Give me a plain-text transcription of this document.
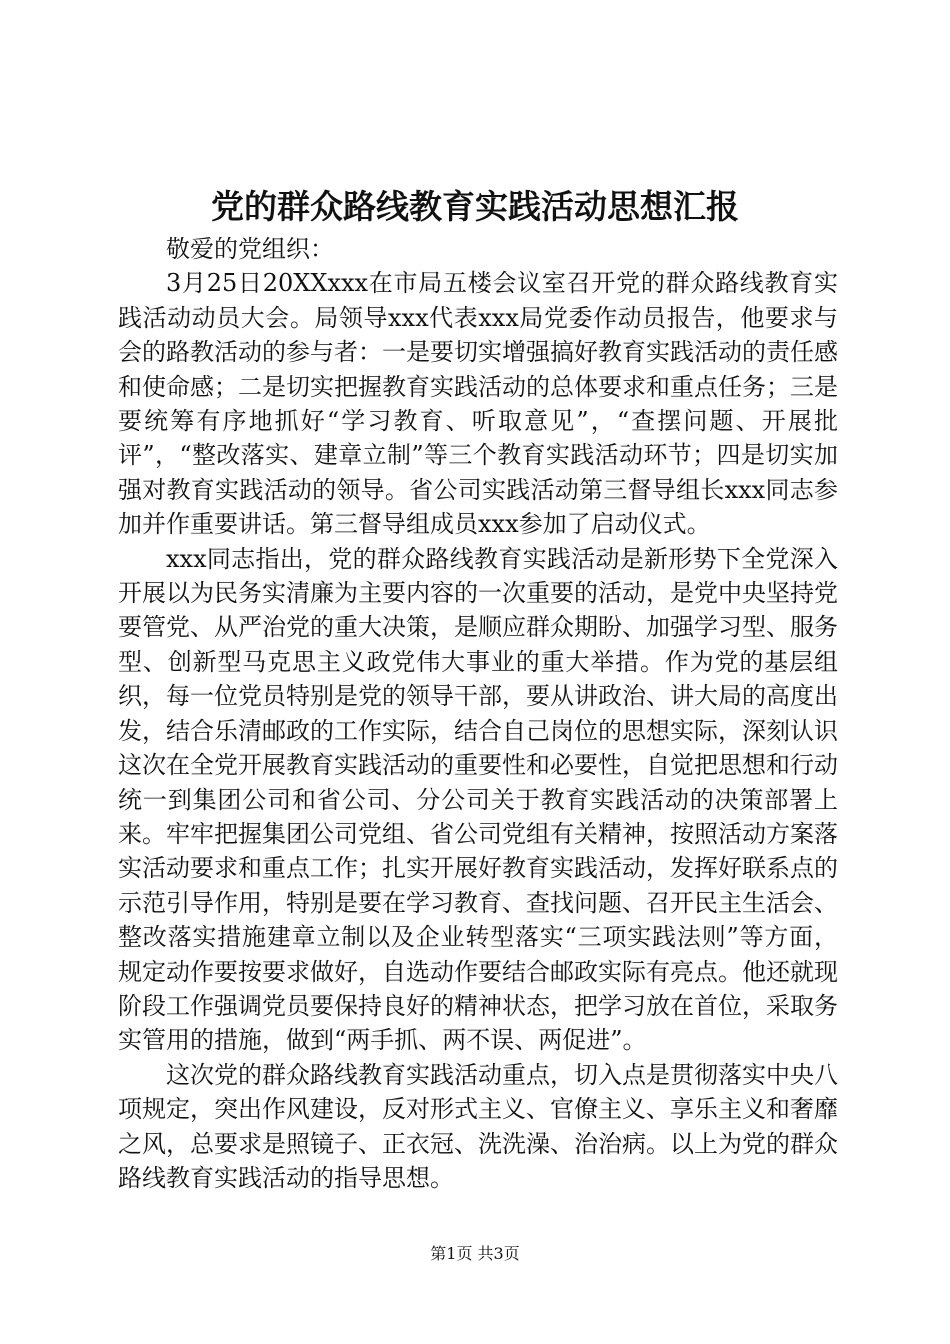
党的群众路线教育实践活动思想汇报

敬爱的党组织：

3月25日20XXxxx在市局五楼会议室召开党的群众路线教育实践活动动员大会。局领导xxx代表xxx局党委作动员报告，他要求与会的路教活动的参与者：一是要切实增强搞好教育实践活动的责任感和使命感；二是切实把握教育实践活动的总体要求和重点任务；三是要统筹有序地抓好“学习教育、听取意见”，“查摆问题、开展批评”，“整改落实、建章立制”等三个教育实践活动环节；四是切实加强对教育实践活动的领导。省公司实践活动第三督导组长xxx同志参加并作重要讲话。第三督导组成员xxx参加了启动仪式。

xxx同志指出，党的群众路线教育实践活动是新形势下全党深入开展以为民务实清廉为主要内容的一次重要的活动，是党中央坚持党要管党、从严治党的重大决策，是顺应群众期盼、加强学习型、服务型、创新型马克思主义政党伟大事业的重大举措。作为党的基层组织，每一位党员特别是党的领导干部，要从讲政治、讲大局的高度出发，结合乐清邮政的工作实际，结合自己岗位的思想实际，深刻认识这次在全党开展教育实践活动的重要性和必要性，自觉把思想和行动统一到集团公司和省公司、分公司关于教育实践活动的决策部署上来。牢牢把握集团公司党组、省公司党组有关精神，按照活动方案落实活动要求和重点工作；扎实开展好教育实践活动，发挥好联系点的示范引导作用，特别是要在学习教育、查找问题、召开民主生活会、整改落实措施建章立制以及企业转型落实“三项实践法则”等方面，规定动作要按要求做好，自选动作要结合邮政实际有亮点。他还就现阶段工作强调党员要保持良好的精神状态，把学习放在首位，采取务实管用的措施，做到“两手抓、两不误、两促进”。

这次党的群众路线教育实践活动重点，切入点是贯彻落实中央八项规定，突出作风建设，反对形式主义、官僚主义、享乐主义和奢靡之风，总要求是照镜子、正衣冠、洗洗澡、治治病。以上为党的群众路线教育实践活动的指导思想。

第1页 共3页
